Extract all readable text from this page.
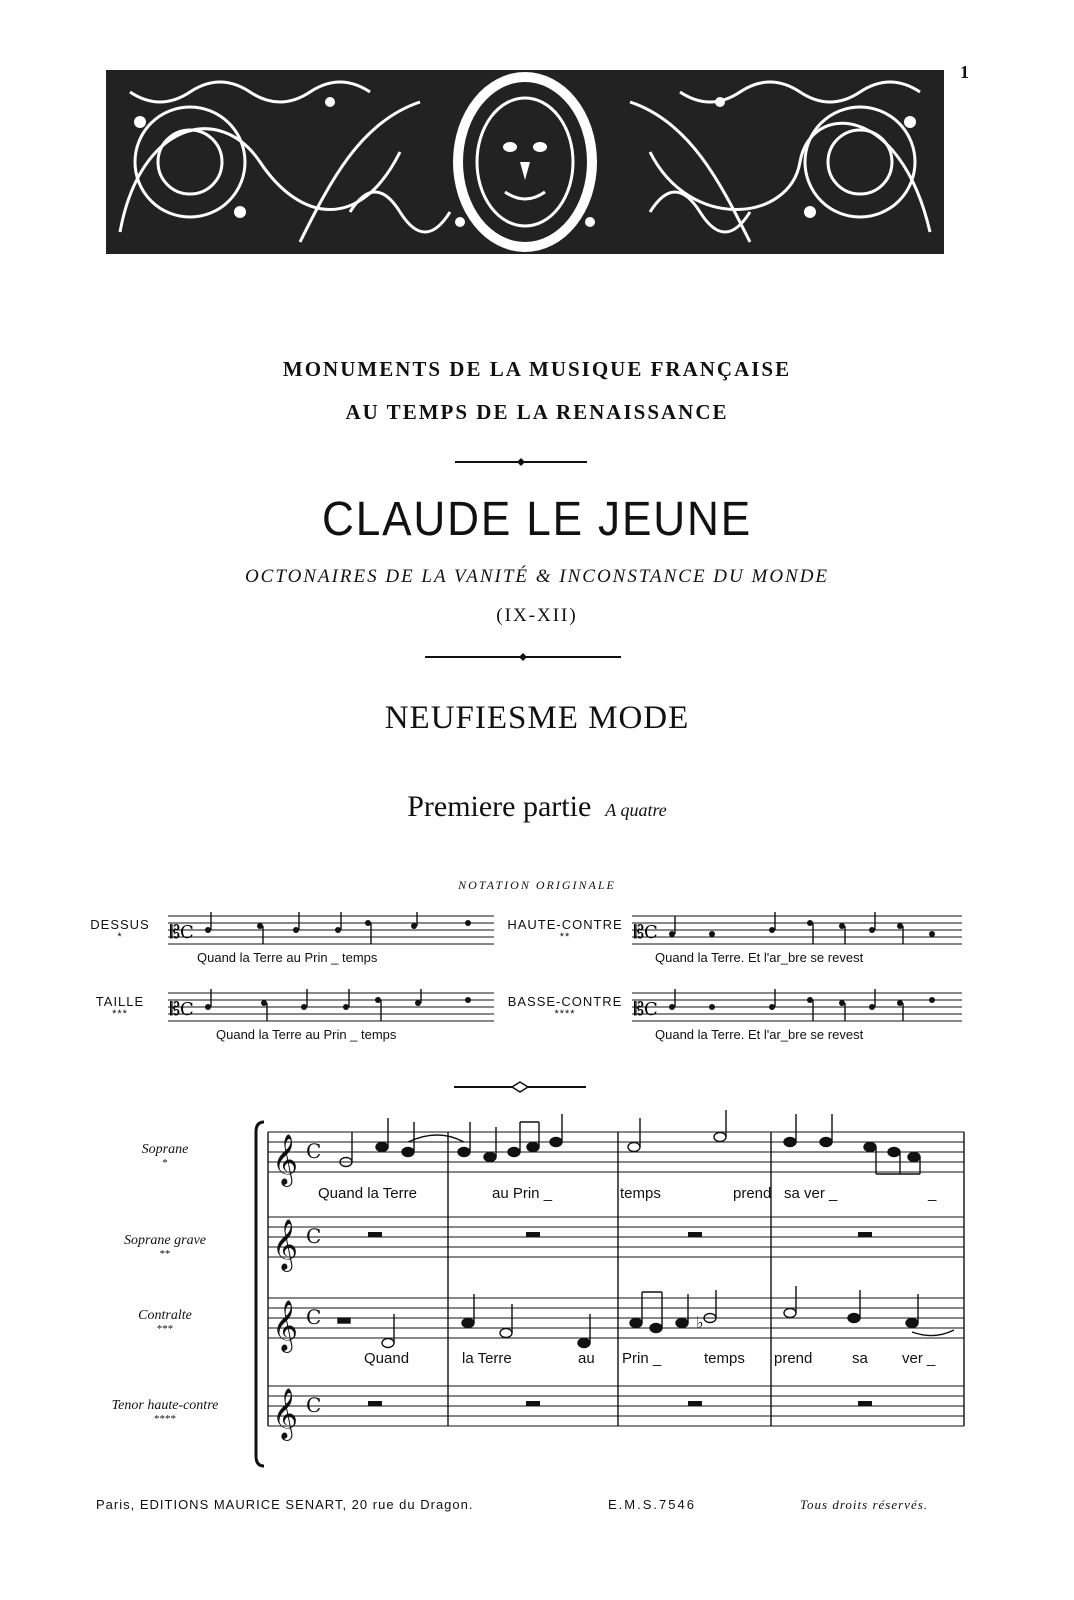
1
MONUMENTS DE LA MUSIQUE FRANÇAISE
AU TEMPS DE LA RENAISSANCE
CLAUDE LE JEUNE
OCTONAIRES DE LA VANITÉ & INCONSTANCE DU MONDE
(IX-XII)
NEUFIESME MODE
Premiere partie A quatre
NOTATION ORIGINALE
DESSUS
*
HAUTE-CONTRE
**
TAILLE
***
BASSE-CONTRE
****
𝄡C	𝄡C
𝄡C	𝄡C
Quand la Terre au Prin _ temps	Quand la Terre. Et l'ar_bre se revest
Quand la Terre au Prin _ temps	Quand la Terre. Et l'ar_bre se revest
Soprane
*
Soprane grave
**
Contralte
***
Tenor haute-contre
****
𝄞 C
𝄞 C
𝄞 C
𝄞 C
♭
Quand la Terre	au Prin _	temps	prend sa ver _	_
Quand	la Terre	au Prin _	temps prend	sa ver _
Paris, EDITIONS MAURICE SENART, 20 rue du Dragon.	E.M.S.7546	Tous droits réservés.
